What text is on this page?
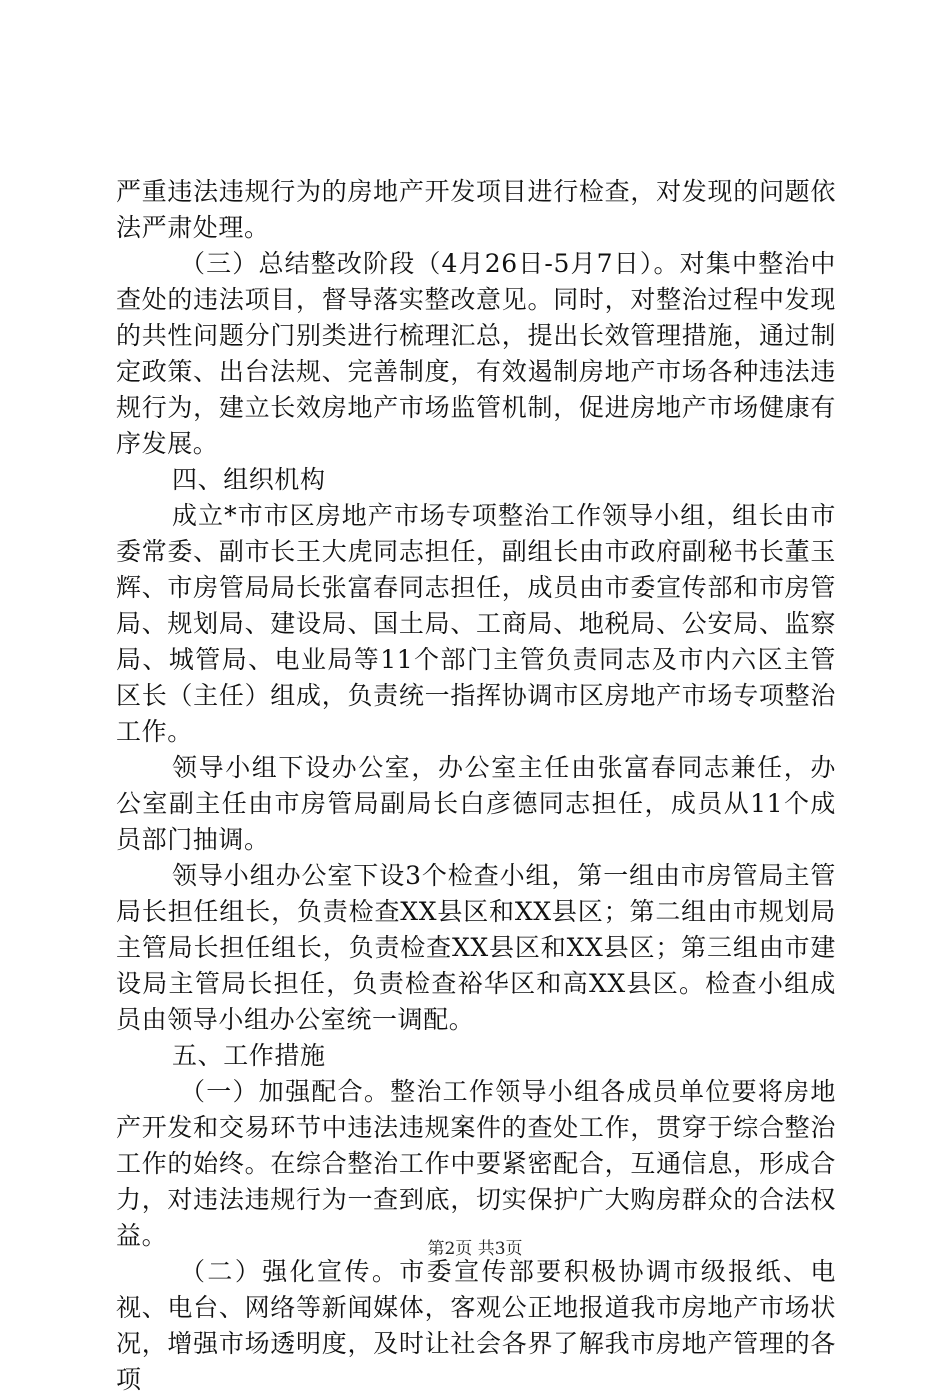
严重违法违规行为的房地产开发项目进行检查，对发现的问题依法严肃处理。

（三）总结整改阶段（4月26日-5月7日）。对集中整治中查处的违法项目，督导落实整改意见。同时，对整治过程中发现的共性问题分门别类进行梳理汇总，提出长效管理措施，通过制定政策、出台法规、完善制度，有效遏制房地产市场各种违法违规行为，建立长效房地产市场监管机制，促进房地产市场健康有序发展。

四、组织机构

成立*市市区房地产市场专项整治工作领导小组，组长由市委常委、副市长王大虎同志担任，副组长由市政府副秘书长董玉辉、市房管局局长张富春同志担任，成员由市委宣传部和市房管局、规划局、建设局、国土局、工商局、地税局、公安局、监察局、城管局、电业局等11个部门主管负责同志及市内六区主管区长（主任）组成，负责统一指挥协调市区房地产市场专项整治工作。

领导小组下设办公室，办公室主任由张富春同志兼任，办公室副主任由市房管局副局长白彦德同志担任，成员从11个成员部门抽调。

领导小组办公室下设3个检查小组，第一组由市房管局主管局长担任组长，负责检查XX县区和XX县区；第二组由市规划局主管局长担任组长，负责检查XX县区和XX县区；第三组由市建设局主管局长担任，负责检查裕华区和高XX县区。检查小组成员由领导小组办公室统一调配。

五、工作措施

（一）加强配合。整治工作领导小组各成员单位要将房地产开发和交易环节中违法违规案件的查处工作，贯穿于综合整治工作的始终。在综合整治工作中要紧密配合，互通信息，形成合力，对违法违规行为一查到底，切实保护广大购房群众的合法权益。

（二）强化宣传。市委宣传部要积极协调市级报纸、电视、电台、网络等新闻媒体，客观公正地报道我市房地产市场状况，增强市场透明度，及时让社会各界了解我市房地产管理的各项

第2页 共3页
